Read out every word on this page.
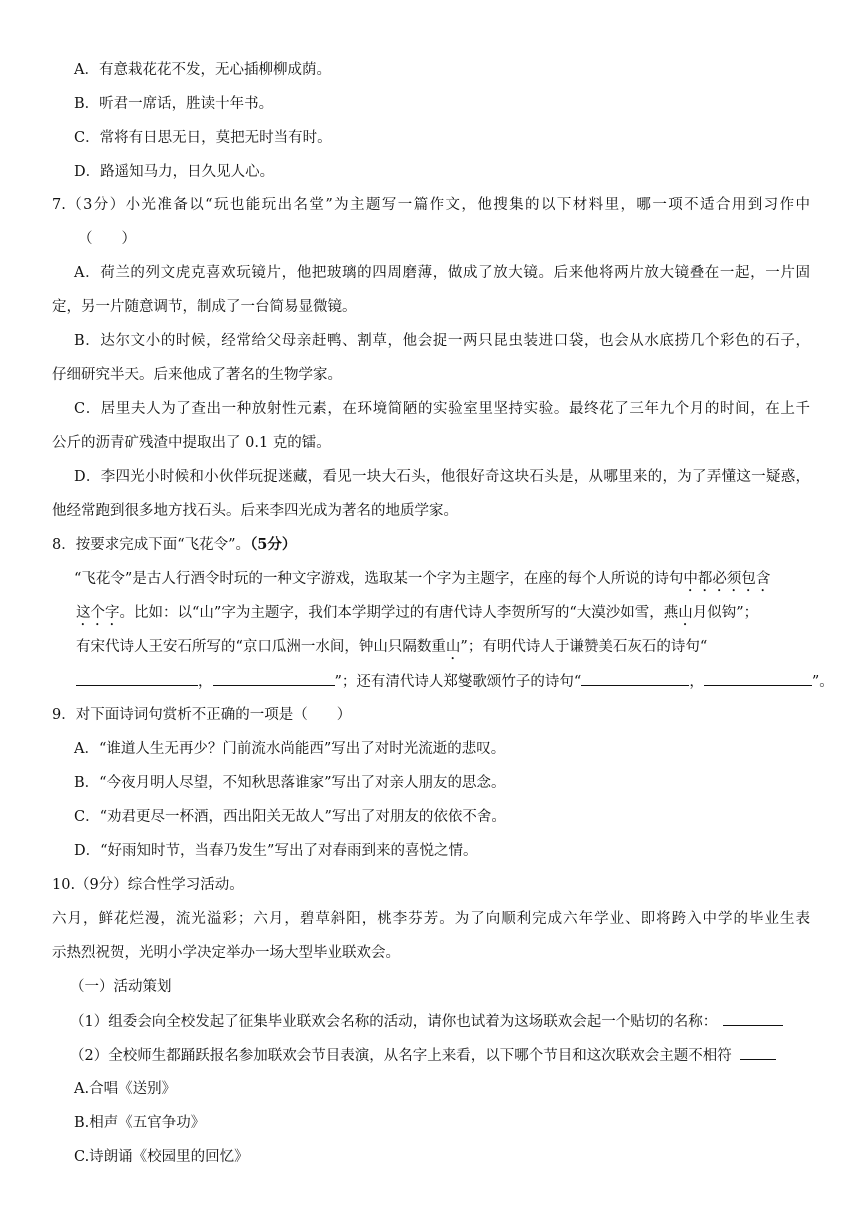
A．有意栽花花不发，无心插柳柳成荫。
B．听君一席话，胜读十年书。
C．常将有日思无日，莫把无时当有时。
D．路遥知马力，日久见人心。
7.（3分）小光准备以“玩也能玩出名堂”为主题写一篇作文，他搜集的以下材料里，哪一项不适合用到习作中
（　　）
A．荷兰的列文虎克喜欢玩镜片，他把玻璃的四周磨薄，做成了放大镜。后来他将两片放大镜叠在一起，一片固
定，另一片随意调节，制成了一台简易显微镜。
B．达尔文小的时候，经常给父母亲赶鸭、割草，他会捉一两只昆虫装进口袋，也会从水底捞几个彩色的石子，
仔细研究半天。后来他成了著名的生物学家。
C．居里夫人为了查出一种放射性元素，在环境简陋的实验室里坚持实验。最终花了三年九个月的时间，在上千
公斤的沥青矿残渣中提取出了 0.1 克的镭。
D．李四光小时候和小伙伴玩捉迷藏，看见一块大石头，他很好奇这块石头是，从哪里来的，为了弄懂这一疑惑，
他经常跑到很多地方找石头。后来李四光成为著名的地质学家。
8．按要求完成下面“飞花令”。（5分）
“飞花令”是古人行酒令时玩的一种文字游戏，选取某一个字为主题字，在座的每个人所说的诗句中都必须包含
这个字。比如：以“山”字为主题字，我们本学期学过的有唐代诗人李贺所写的“大漠沙如雪，燕山月似钩”；
有宋代诗人王安石所写的“京口瓜洲一水间，钟山只隔数重山”；有明代诗人于谦赞美石灰石的诗句“
，	”；还有清代诗人郑燮歌颂竹子的诗句“	，	”。
9．对下面诗词句赏析不正确的一项是（　　）
A．“谁道人生无再少？门前流水尚能西”写出了对时光流逝的悲叹。
B．“今夜月明人尽望，不知秋思落谁家”写出了对亲人朋友的思念。
C．“劝君更尽一杯酒，西出阳关无故人”写出了对朋友的依依不舍。
D．“好雨知时节，当春乃发生”写出了对春雨到来的喜悦之情。
10.（9分）综合性学习活动。
六月，鲜花烂漫，流光溢彩；六月，碧草斜阳，桃李芬芳。为了向顺利完成六年学业、即将跨入中学的毕业生表
示热烈祝贺，光明小学决定举办一场大型毕业联欢会。
（一）活动策划
（1）组委会向全校发起了征集毕业联欢会名称的活动，请你也试着为这场联欢会起一个贴切的名称：
（2）全校师生都踊跃报名参加联欢会节目表演，从名字上来看，以下哪个节目和这次联欢会主题不相符
A.合唱《送别》
B.相声《五官争功》
C.诗朗诵《校园里的回忆》
